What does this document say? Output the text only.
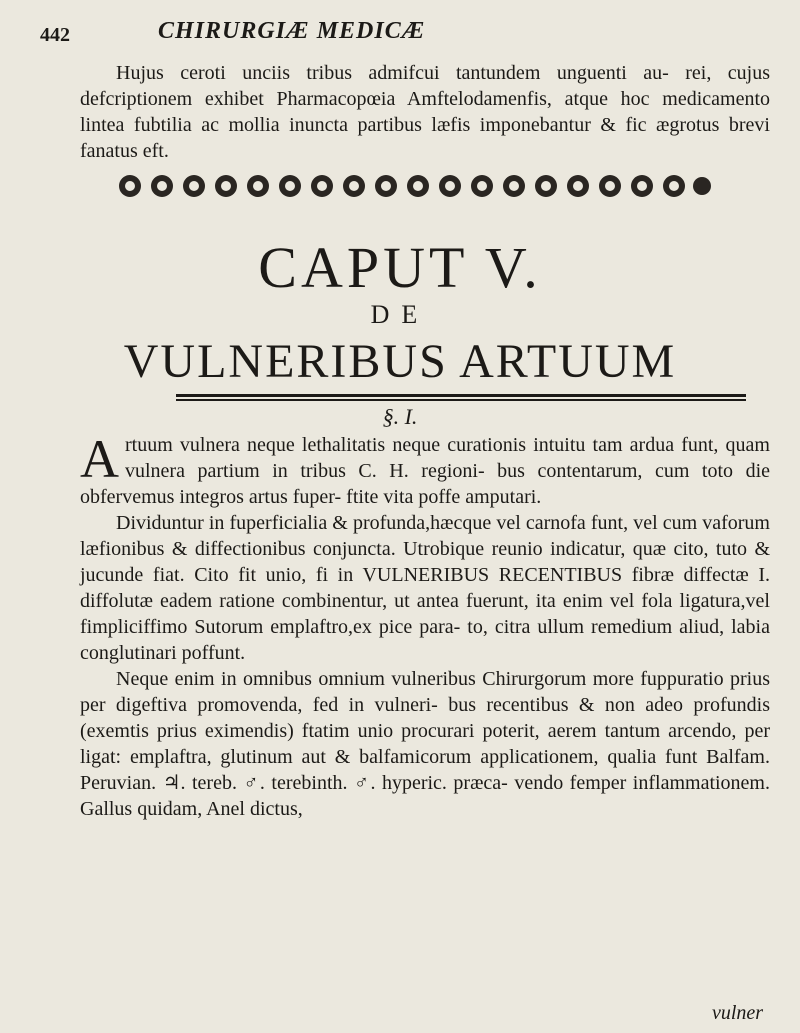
442	CHIRURGIÆ MEDICÆ

Hujus ceroti unciis tribus admifcui tantundem unguenti au- rei, cujus defcriptionem exhibet Pharmacopœia Amftelodamenfis, atque hoc medicamento lintea fubtilia ac mollia inuncta partibus læfis imponebantur & fic ægrotus brevi fanatus eft.

CAPUT V.
DE
VULNERIBUS ARTUUM
§. I.

Artuum vulnera neque lethalitatis neque curationis intuitu tam ardua funt, quam vulnera partium in tribus C. H. regioni- bus contentarum, cum toto die obfervemus integros artus fuper- ftite vita poffe amputari.

Dividuntur in fuperficialia & profunda,hæcque vel carnofa funt, vel cum vaforum læfionibus & diffectionibus conjuncta. Utrobique reunio indicatur, quæ cito, tuto & jucunde fiat. Cito fit unio, fi in VULNERIBUS RECENTIBUS fibræ diffectæ I. diffolutæ eadem ratione combinentur, ut antea fuerunt, ita enim vel fola ligatura,vel fimpliciffimo Sutorum emplaftro,ex pice para- to, citra ullum remedium aliud, labia conglutinari poffunt.

Neque enim in omnibus omnium vulneribus Chirurgorum more fuppuratio prius per digeftiva promovenda, fed in vulneri- bus recentibus & non adeo profundis (exemtis prius eximendis) ftatim unio procurari poterit, aerem tantum arcendo, per ligat: emplaftra, glutinum aut & balfamicorum applicationem, qualia funt Balfam. Peruvian. ♃. tereb. ♂. terebinth. ♂. hyperic. præca- vendo femper inflammationem. Gallus quidam, Anel dictus,

vulner
